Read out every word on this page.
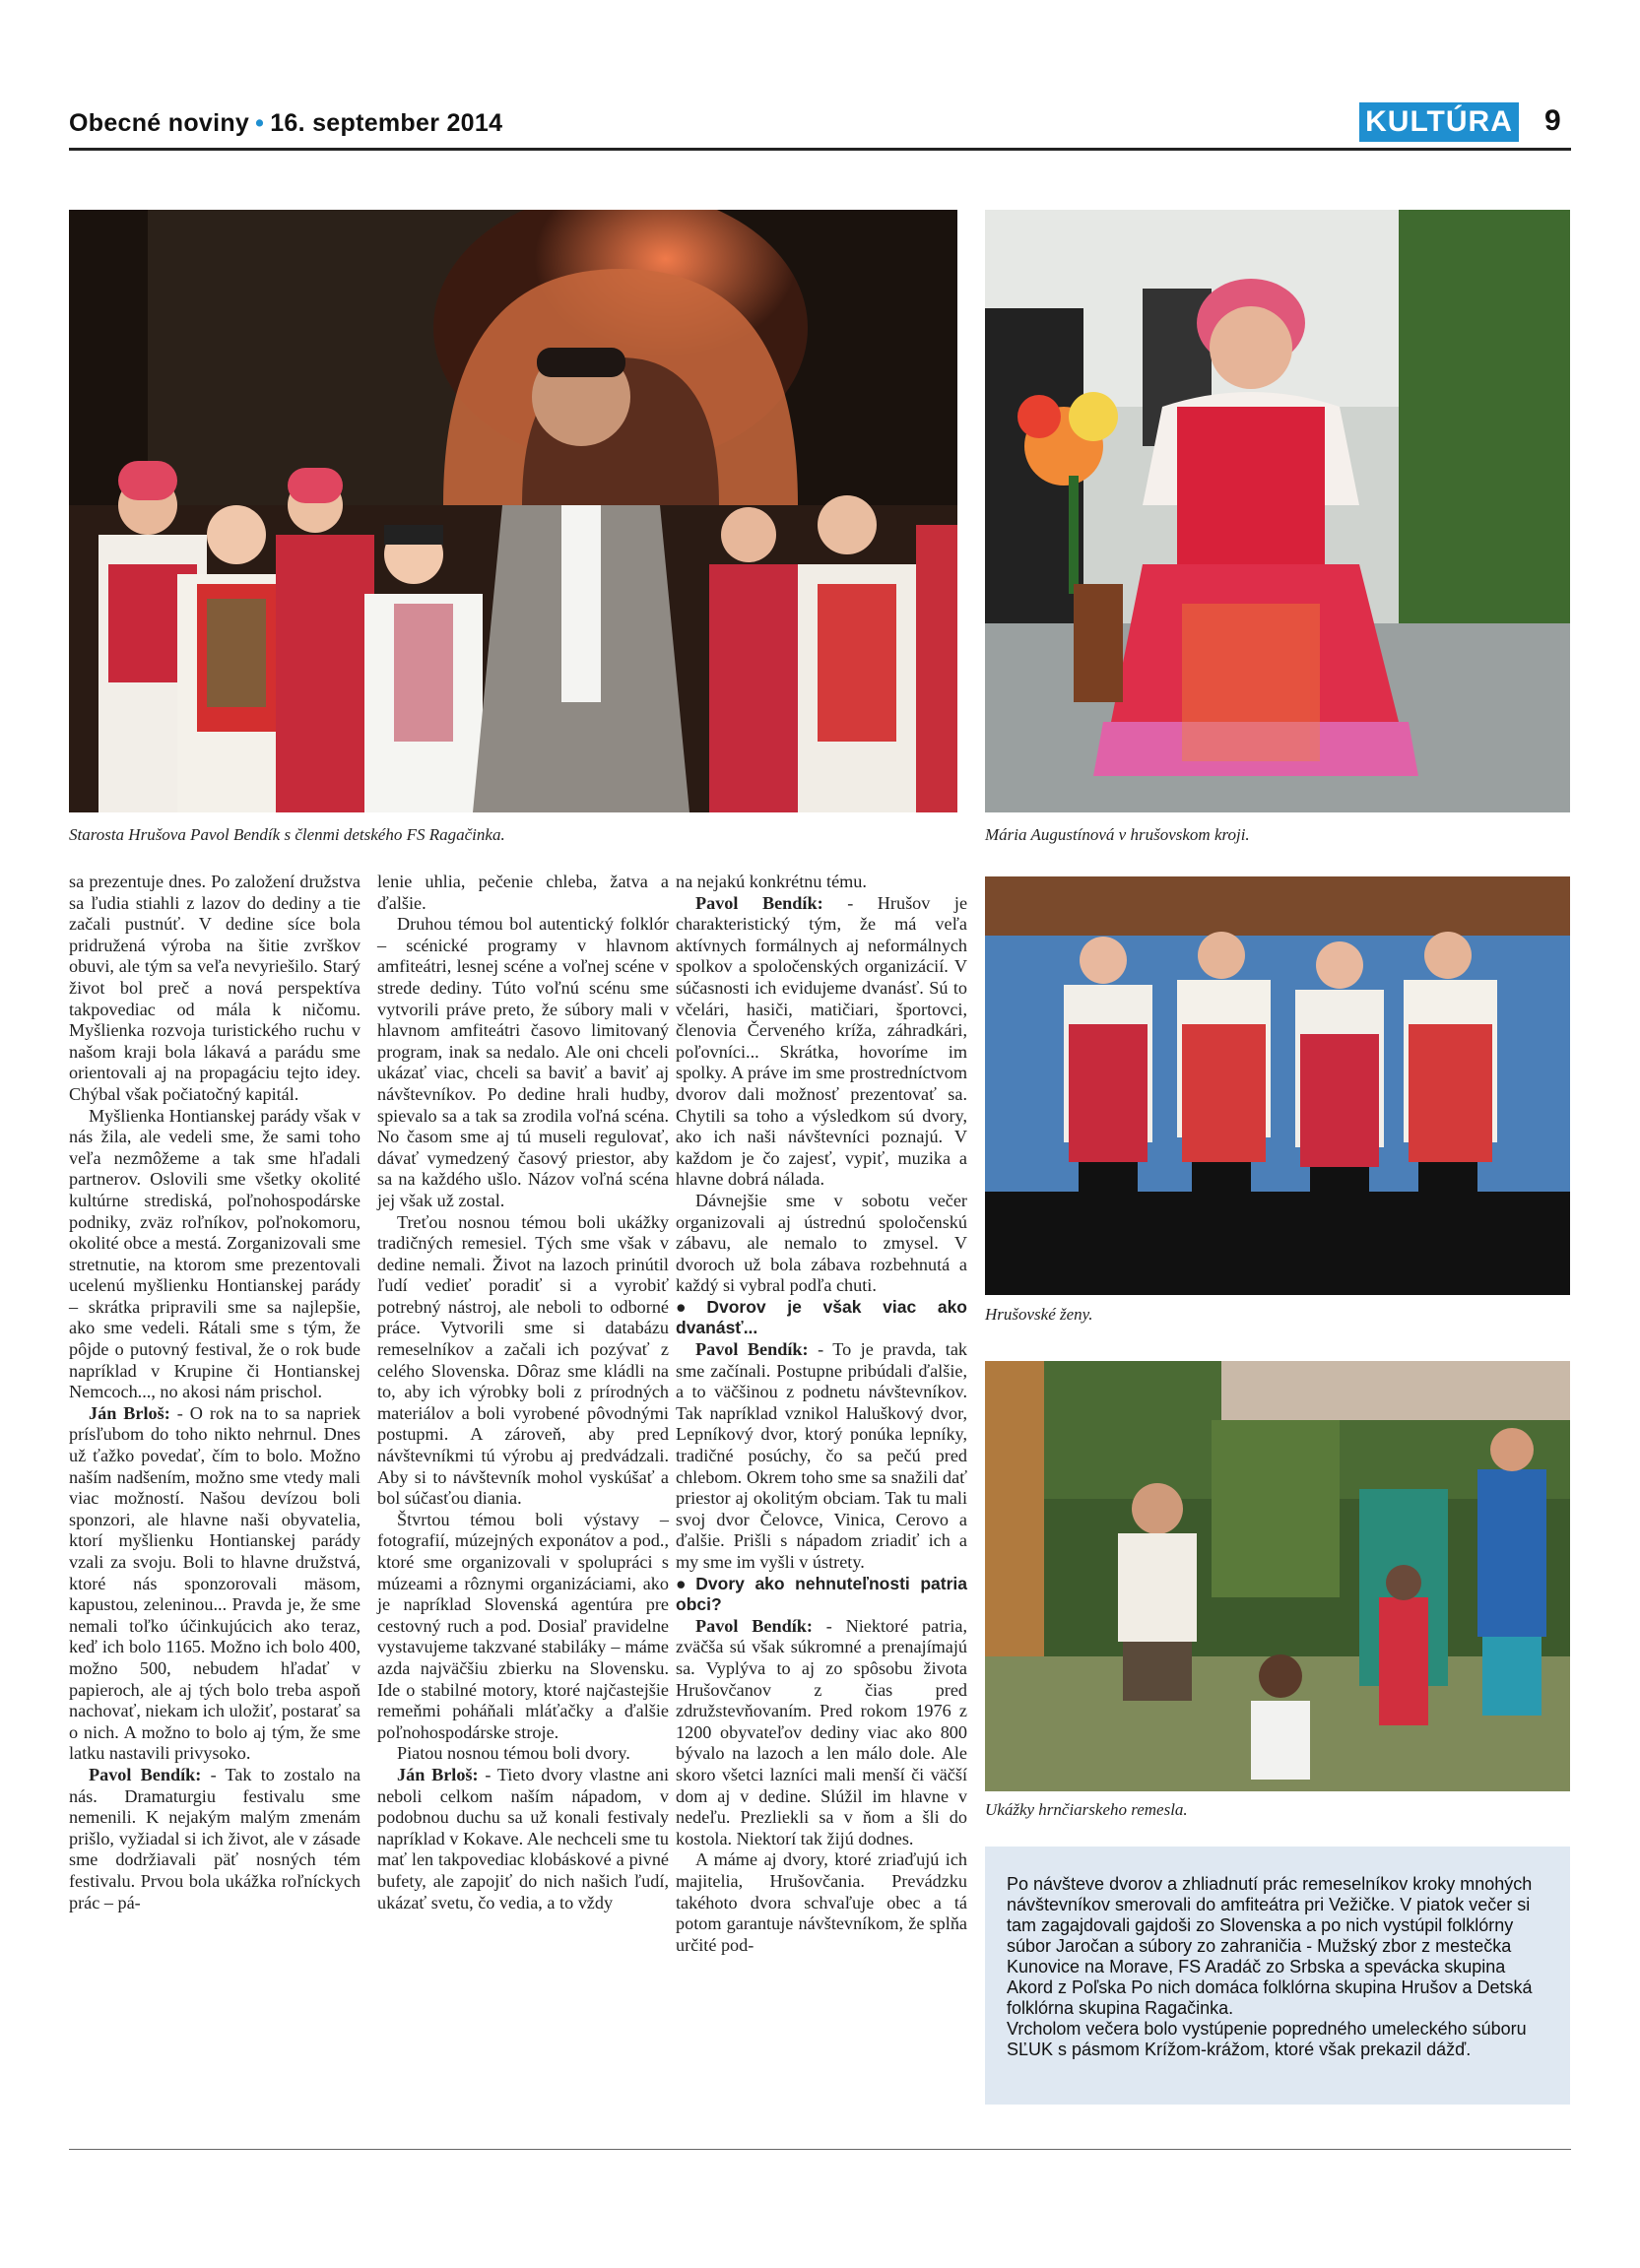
Obecné noviny • 16. september 2014	KULTÚRA 9
Starosta Hrušova Pavol Bendík s členmi detského FS Ragačinka.	Mária Augustínová v hrušovskom kroji.
Hrušovské ženy.
Ukážky hrnčiarskeho remesla.

sa prezentuje dnes. Po založení družstva sa ľudia stiahli z lazov do dediny a tie začali pustnúť. V dedine síce bola pridružená výroba na šitie zvrškov obuvi, ale tým sa veľa nevyriešilo. Starý život bol preč a nová perspektíva takpovediac od mála k ničomu. Myšlienka rozvoja turistického ruchu v našom kraji bola lákavá a parádu sme orientovali aj na propagáciu tejto idey. Chýbal však počiatočný kapitál.

Myšlienka Hontianskej parády však v nás žila, ale vedeli sme, že sami toho veľa nezmôžeme a tak sme hľadali partnerov. Oslovili sme všetky okolité kultúrne strediská, poľnohospodárske podniky, zväz roľníkov, poľnokomoru, okolité obce a mestá. Zorganizovali sme stretnutie, na ktorom sme prezentovali ucelenú myšlienku Hontianskej parády – skrátka pripravili sme sa najlepšie, ako sme vedeli. Rátali sme s tým, že pôjde o putovný festival, že o rok bude napríklad v Krupine či Hontianskej Nemcoch..., no akosi nám prischol.

Ján Brloš: - O rok na to sa napriek prísľubom do toho nikto nehrnul. Dnes už ťažko povedať, čím to bolo. Možno naším nadšením, možno sme vtedy mali viac možností. Našou devízou boli sponzori, ale hlavne naši obyvatelia, ktorí myšlienku Hontianskej parády vzali za svoju. Boli to hlavne družstvá, ktoré nás sponzorovali mäsom, kapustou, zeleninou... Pravda je, že sme nemali toľko účinkujúcich ako teraz, keď ich bolo 1165. Možno ich bolo 400, možno 500, nebudem hľadať v papieroch, ale aj tých bolo treba aspoň nachovať, niekam ich uložiť, postarať sa o nich. A možno to bolo aj tým, že sme latku nastavili privysoko.

Pavol Bendík: - Tak to zostalo na nás. Dramaturgiu festivalu sme nemenili. K nejakým malým zmenám prišlo, vyžiadal si ich život, ale v zásade sme dodržiavali päť nosných tém festivalu. Prvou bola ukážka roľníckych prác – pá-

lenie uhlia, pečenie chleba, žatva a ďalšie.

Druhou témou bol autentický folklór – scénické programy v hlavnom amfiteátri, lesnej scéne a voľnej scéne v strede dediny. Túto voľnú scénu sme vytvorili práve preto, že súbory mali v hlavnom amfiteátri časovo limitovaný program, inak sa nedalo. Ale oni chceli ukázať viac, chceli sa baviť a baviť aj návštevníkov. Po dedine hrali hudby, spievalo sa a tak sa zrodila voľná scéna. No časom sme aj tú museli regulovať, dávať vymedzený časový priestor, aby sa na každého ušlo. Názov voľná scéna jej však už zostal.

Treťou nosnou témou boli ukážky tradičných remesiel. Tých sme však v dedine nemali. Život na lazoch prinútil ľudí vedieť poradiť si a vyrobiť potrebný nástroj, ale neboli to odborné práce. Vytvorili sme si databázu remeselníkov a začali ich pozývať z celého Slovenska. Dôraz sme kládli na to, aby ich výrobky boli z prírodných materiálov a boli vyrobené pôvodnými postupmi. A zároveň, aby pred návštevníkmi tú výrobu aj predvádzali. Aby si to návštevník mohol vyskúšať a bol súčasťou diania.

Štvrtou témou boli výstavy – fotografií, múzejných exponátov a pod., ktoré sme organizovali v spolupráci s múzeami a rôznymi organizáciami, ako je napríklad Slovenská agentúra pre cestovný ruch a pod. Dosiaľ pravidelne vystavujeme takzvané stabiláky – máme azda najväčšiu zbierku na Slovensku. Ide o stabilné motory, ktoré najčastejšie remeňmi poháňali mláťačky a ďalšie poľnohospodárske stroje.

Piatou nosnou témou boli dvory.

Ján Brloš: - Tieto dvory vlastne ani neboli celkom naším nápadom, v podobnou duchu sa už konali festivaly napríklad v Kokave. Ale nechceli sme tu mať len takpovediac klobáskové a pivné bufety, ale zapojiť do nich našich ľudí, ukázať svetu, čo vedia, a to vždy

na nejakú konkrétnu tému.

Pavol Bendík: - Hrušov je charakteristický tým, že má veľa aktívnych formálnych aj neformálnych spolkov a spoločenských organizácií. V súčasnosti ich evidujeme dvanásť. Sú to včelári, hasiči, matičiari, športovci, členovia Červeného kríža, záhradkári, poľovníci... Skrátka, hovoríme im spolky. A práve im sme prostredníctvom dvorov dali možnosť prezentovať sa. Chytili sa toho a výsledkom sú dvory, ako ich naši návštevníci poznajú. V každom je čo zajesť, vypiť, muzika a hlavne dobrá nálada.

Dávnejšie sme v sobotu večer organizovali aj ústrednú spoločenskú zábavu, ale nemalo to zmysel. V dvoroch už bola zábava rozbehnutá a každý si vybral podľa chuti.

● Dvorov je však viac ako dvanásť...

Pavol Bendík: - To je pravda, tak sme začínali. Postupne pribúdali ďalšie, a to väčšinou z podnetu návštevníkov. Tak napríklad vznikol Haluškový dvor, Lepníkový dvor, ktorý ponúka lepníky, tradičné posúchy, čo sa pečú pred chlebom. Okrem toho sme sa snažili dať priestor aj okolitým obciam. Tak tu mali svoj dvor Čelovce, Vinica, Cerovo a ďalšie. Prišli s nápadom zriadiť ich a my sme im vyšli v ústrety.

● Dvory ako nehnuteľnosti patria obci?

Pavol Bendík: - Niektoré patria, zväčša sú však súkromné a prenajímajú sa. Vyplýva to aj zo spôsobu života Hrušovčanov z čias pred združstevňovaním. Pred rokom 1976 z 1200 obyvateľov dediny viac ako 800 bývalo na lazoch a len málo dole. Ale skoro všetci lazníci mali menší či väčší dom aj v dedine. Slúžil im hlavne v nedeľu. Prezliekli sa v ňom a šli do kostola. Niektorí tak žijú dodnes.

A máme aj dvory, ktoré zriaďujú ich majitelia, Hrušovčania. Prevádzku takéhoto dvora schvaľuje obec a tá potom garantuje návštevníkom, že splňa určité pod-

Po návšteve dvorov a zhliadnutí prác remeselníkov kroky mnohých návštevníkov smerovali do amfiteátra pri Vežičke. V piatok večer si tam zagajdovali gajdoši zo Slovenska a po nich vystúpil folklórny súbor Jaročan a súbory zo zahraničia - Mužský zbor z mestečka Kunovice na Morave, FS Aradáč zo Srbska a spevácka skupina Akord z Poľska Po nich domáca folklórna skupina Hrušov a Detská folklórna skupina Ragačinka.

Vrcholom večera bolo vystúpenie popredného umeleckého súboru SĽUK s pásmom Krížom-krážom, ktoré však prekazil dážď.
